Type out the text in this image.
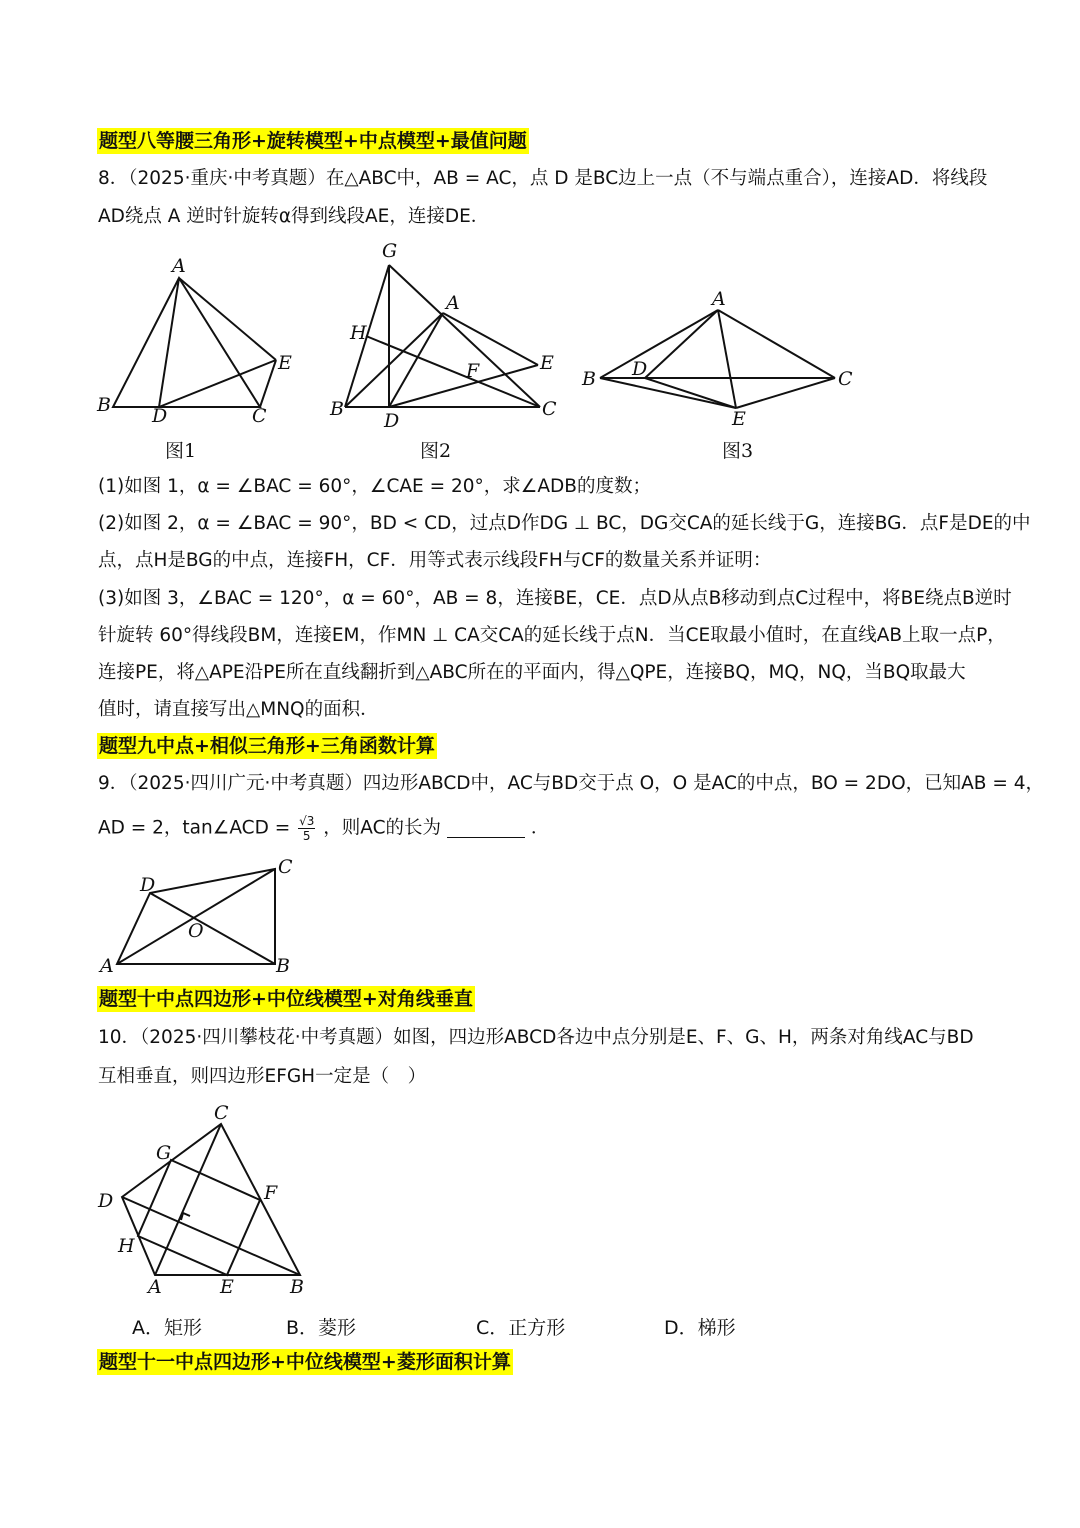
题型八等腰三角形+旋转模型+中点模型+最值问题
8．（2025·重庆·中考真题）在△ABC中，AB = AC，点 D 是BC边上一点（不与端点重合），连接AD．将线段
AD绕点 A 逆时针旋转α得到线段AE，连接DE．
A
B D	C
E
图1
G
A
H
E
F
B
D
C
图2
A
D
B	C
E
图3
(1)如图 1，α = ∠BAC = 60°，∠CAE = 20°，求∠ADB的度数；
(2)如图 2，α = ∠BAC = 90°，BD < CD，过点D作DG ⊥ BC，DG交CA的延长线于G，连接BG．点F是DE的中
点，点H是BG的中点，连接FH，CF．用等式表示线段FH与CF的数量关系并证明：
(3)如图 3，∠BAC = 120°，α = 60°，AB = 8，连接BE，CE．点D从点B移动到点C过程中，将BE绕点B逆时
针旋转 60°得线段BM，连接EM，作MN ⊥ CA交CA的延长线于点N．当CE取最小值时，在直线AB上取一点P，
连接PE，将△APE沿PE所在直线翻折到△ABC所在的平面内，得△QPE，连接BQ，MQ，NQ，当BQ取最大
值时，请直接写出△MNQ的面积．
题型九中点+相似三角形+三角函数计算
9．（2025·四川广元·中考真题）四边形ABCD中，AC与BD交于点 O，O 是AC的中点，BO = 2DO，已知AB = 4，
AD = 2，tan∠ACD = $\frac{√3}{5}$ ，则AC的长为	．
D
C
O
A	B
题型十中点四边形+中位线模型+对角线垂直
10．（2025·四川攀枝花·中考真题）如图，四边形ABCD各边中点分别是E、F、G、H，两条对角线AC与BD
互相垂直，则四边形EFGH一定是（　）
C
G
F
D
H
A	E	B
A．矩形	B．菱形	C．正方形	D．梯形
题型十一中点四边形+中位线模型+菱形面积计算
